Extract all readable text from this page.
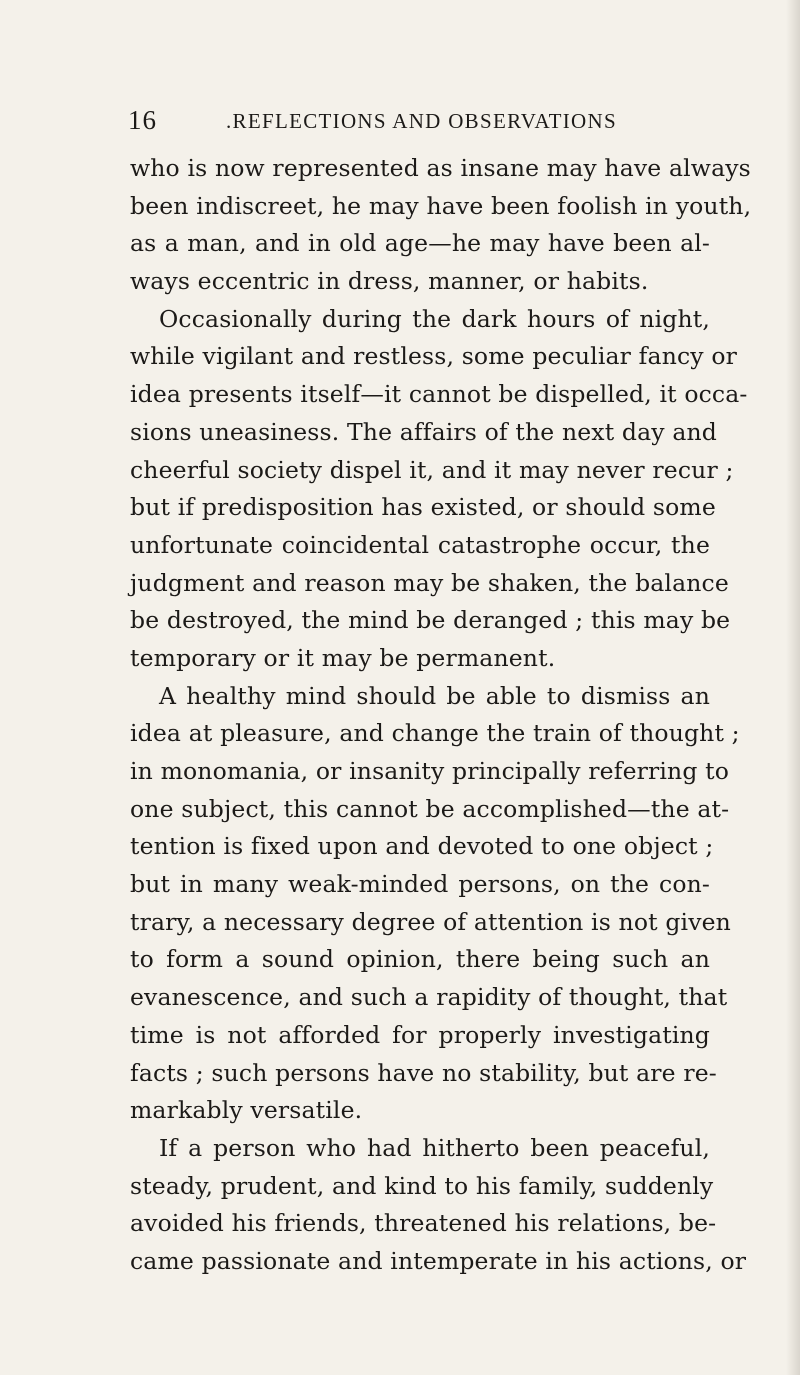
16	.REFLECTIONS AND OBSERVATIONS
who is now represented as insane may have always
been indiscreet, he may have been foolish in youth,
as a man, and in old age—he may have been al-
ways eccentric in dress, manner, or habits.
Occasionally during the dark hours of night,
while vigilant and restless, some peculiar fancy or
idea presents itself—it cannot be dispelled, it occa-
sions uneasiness. The affairs of the next day and
cheerful society dispel it, and it may never recur ;
but if predisposition has existed, or should some
unfortunate coincidental catastrophe occur, the
judgment and reason may be shaken, the balance
be destroyed, the mind be deranged ; this may be
temporary or it may be permanent.
A healthy mind should be able to dismiss an
idea at pleasure, and change the train of thought ;
in monomania, or insanity principally referring to
one subject, this cannot be accomplished—the at-
tention is fixed upon and devoted to one object ;
but in many weak-minded persons, on the con-
trary, a necessary degree of attention is not given
to form a sound opinion, there being such an
evanescence, and such a rapidity of thought, that
time is not afforded for properly investigating
facts ; such persons have no stability, but are re-
markably versatile.
If a person who had hitherto been peaceful,
steady, prudent, and kind to his family, suddenly
avoided his friends, threatened his relations, be-
came passionate and intemperate in his actions, or
